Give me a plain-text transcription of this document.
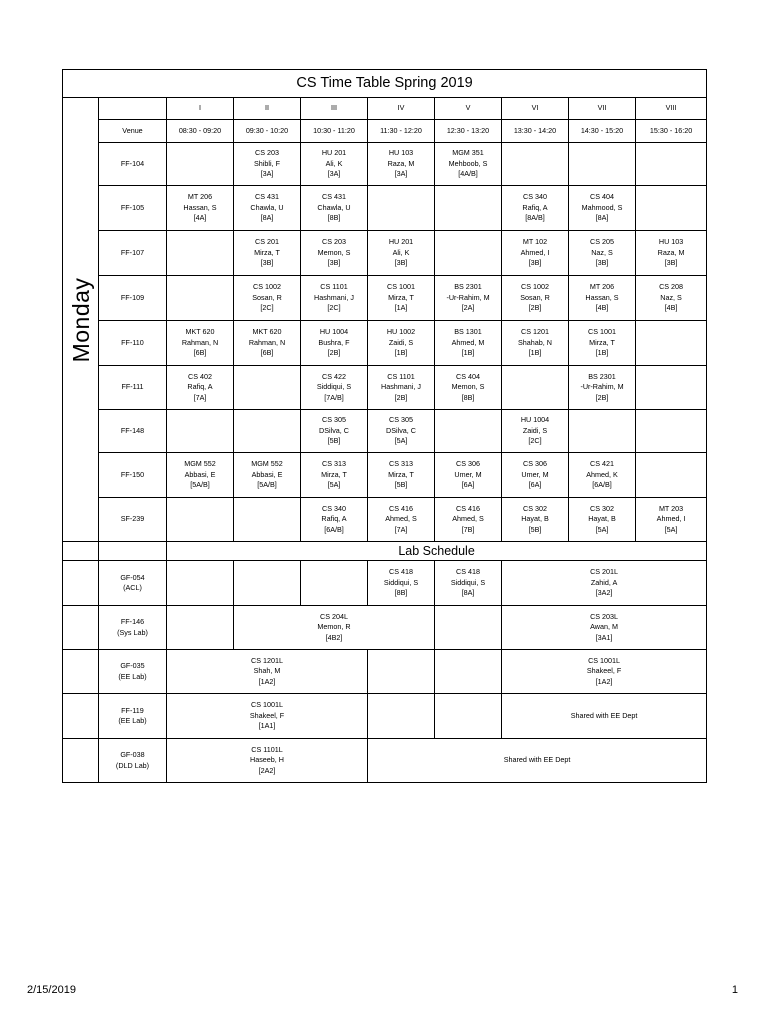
CS Time Table Spring 2019									

Monday		I	II	III	IV	V	VI	VII	VIII
	Venue	08:30 - 09:20	09:30 - 10:20	10:30 - 11:20	11:30 - 12:20	12:30 - 13:20	13:30 - 14:20	14:30 - 15:20	15:30 - 16:20
	FF-104		CS 203
Shibli, F
[3A]	HU 201
Ali, K
[3A]	HU 103
Raza, M
[3A]	MGM 351
Mehboob, S
[4A/B]			

	FF-105	MT 206
Hassan, S
[4A]	CS 431
Chawla, U
[8A]	CS 431
Chawla, U
[8B]			CS 340
Rafiq, A
[8A/B]	CS 404
Mahmood, S
[8A]	

	FF-107		CS 201
Mirza, T
[3B]	CS 203
Memon, S
[3B]	HU 201
Ali, K
[3B]		MT 102
Ahmed, I
[3B]	CS 205
Naz, S
[3B]	HU 103
Raza, M
[3B]

	FF-109		CS 1002
Sosan, R
[2C]	CS 1101
Hashmani, J
[2C]	CS 1001
Mirza, T
[1A]	BS 2301
-Ur-Rahim, M
[2A]	CS 1002
Sosan, R
[2B]	MT 206
Hassan, S
[4B]	CS 208
Naz, S
[4B]

	FF-110	MKT 620
Rahman, N
[6B]	MKT 620
Rahman, N
[6B]	HU 1004
Bushra, F
[2B]	HU 1002
Zaidi, S
[1B]	BS 1301
Ahmed, M
[1B]	CS 1201
Shahab, N
[1B]	CS 1001
Mirza, T
[1B]	

	FF-111	CS 402
Rafiq, A
[7A]		CS 422
Siddiqui, S
[7A/B]	CS 1101
Hashmani, J
[2B]	CS 404
Memon, S
[8B]		BS 2301
-Ur-Rahim, M
[2B]	

	FF-148			CS 305
DSilva, C
[5B]	CS 305
DSilva, C
[5A]		HU 1004
Zaidi, S
[2C]		

	FF-150	MGM 552
Abbasi, E
[5A/B]	MGM 552
Abbasi, E
[5A/B]	CS 313
Mirza, T
[5A]	CS 313
Mirza, T
[5B]	CS 306
Umer, M
[6A]	CS 306
Umer, M
[6A]	CS 421
Ahmed, K
[6A/B]	

	SF-239			CS 340
Rafiq, A
[6A/B]	CS 416
Ahmed, S
[7A]	CS 416
Ahmed, S
[7B]	CS 302
Hayat, B
[5B]	CS 302
Hayat, B
[5A]	MT 203
Ahmed, I
[5A]

		Lab Schedule							

	GF-054
(ACL)				CS 418
Siddiqui, S
[8B]	CS 418
Siddiqui, S
[8A]	CS 201L
Zahid, A
[3A2]		

	FF-146
(Sys Lab)		CS 204L
Memon, R
[4B2]				CS 203L
Awan, M
[3A1]		

	GF-035
(EE Lab)	CS 1201L
Shah, M
[1A2]					CS 1001L
Shakeel, F
[1A2]		

	FF-119
(EE Lab)	CS 1001L
Shakeel, F
[1A1]					Shared with EE Dept		

	GF-038
(DLD Lab)	CS 1101L
Haseeb, H
[2A2]			Shared with EE Dept				
2/15/2019	1
